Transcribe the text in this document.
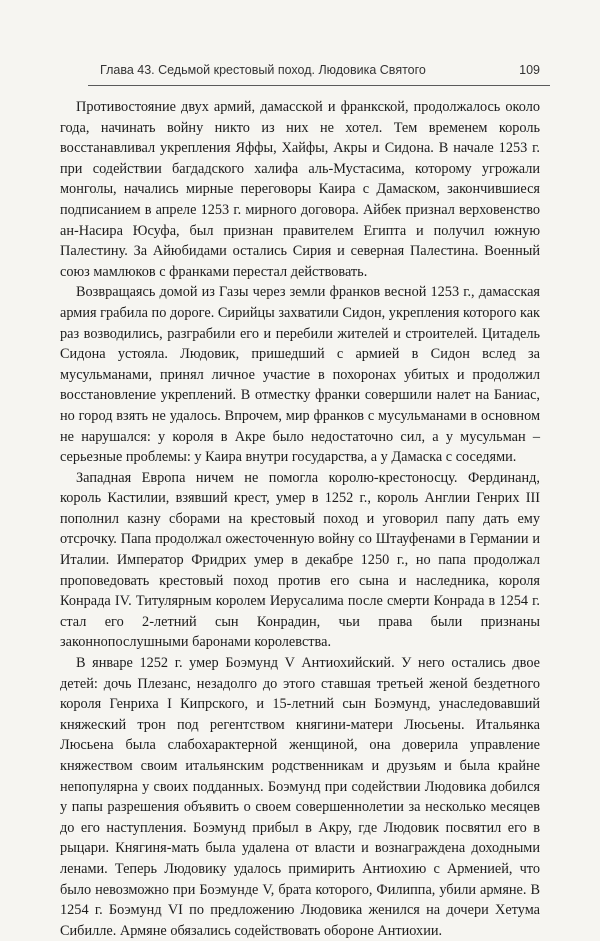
Глава 43. Седьмой крестовый поход. Людовика Святого	109

Противостояние двух армий, дамасской и франкской, продолжалось около года, начинать войну никто из них не хотел. Тем временем король восстанавливал укрепления Яффы, Хайфы, Акры и Сидона. В начале 1253 г. при содействии багдадского халифа аль-Мустасима, которому угрожали монголы, начались мирные переговоры Каира с Дамаском, закончившиеся подписанием в апреле 1253 г. мирного договора. Айбек признал верховенство ан-Насира Юсуфа, был признан правителем Египта и получил южную Палестину. За Айюбидами остались Сирия и северная Палестина. Военный союз мамлюков с франками перестал действовать.

Возвращаясь домой из Газы через земли франков весной 1253 г., дамасская армия грабила по дороге. Сирийцы захватили Сидон, укрепления которого как раз возводились, разграбили его и перебили жителей и строителей. Цитадель Сидона устояла. Людовик, пришедший с армией в Сидон вслед за мусульманами, принял личное участие в похоронах убитых и продолжил восстановление укреплений. В отместку франки совершили налет на Баниас, но город взять не удалось. Впрочем, мир франков с мусульманами в основном не нарушался: у короля в Акре было недостаточно сил, а у мусульман – серьезные проблемы: у Каира внутри государства, а у Дамаска с соседями.

Западная Европа ничем не помогла королю-крестоносцу. Фердинанд, король Кастилии, взявший крест, умер в 1252 г., король Англии Генрих III пополнил казну сборами на крестовый поход и уговорил папу дать ему отсрочку. Папа продолжал ожесточенную войну со Штауфенами в Германии и Италии. Император Фридрих умер в декабре 1250 г., но папа продолжал проповедовать крестовый поход против его сына и наследника, короля Конрада IV. Титулярным королем Иерусалима после смерти Конрада в 1254 г. стал его 2-летний сын Конрадин, чьи права были признаны законнопослушными баронами королевства.

В январе 1252 г. умер Боэмунд V Антиохийский. У него остались двое детей: дочь Плезанс, незадолго до этого ставшая третьей женой бездетного короля Генриха I Кипрского, и 15-летний сын Боэмунд, унаследовавший княжеский трон под регентством княгини-матери Люсьены. Итальянка Люсьена была слабохарактерной женщиной, она доверила управление княжеством своим итальянским родственникам и друзьям и была крайне непопулярна у своих подданных. Боэмунд при содействии Людовика добился у папы разрешения объявить о своем совершеннолетии за несколько месяцев до его наступления. Боэмунд прибыл в Акру, где Людовик посвятил его в рыцари. Княгиня-мать была удалена от власти и вознаграждена доходными ленами. Теперь Людовику удалось примирить Антиохию с Арменией, что было невозможно при Боэмунде V, брата которого, Филиппа, убили армяне. В 1254 г. Боэмунд VI по предложению Людовика женился на дочери Хетума Сибилле. Армяне обязались содействовать обороне Антиохии.
